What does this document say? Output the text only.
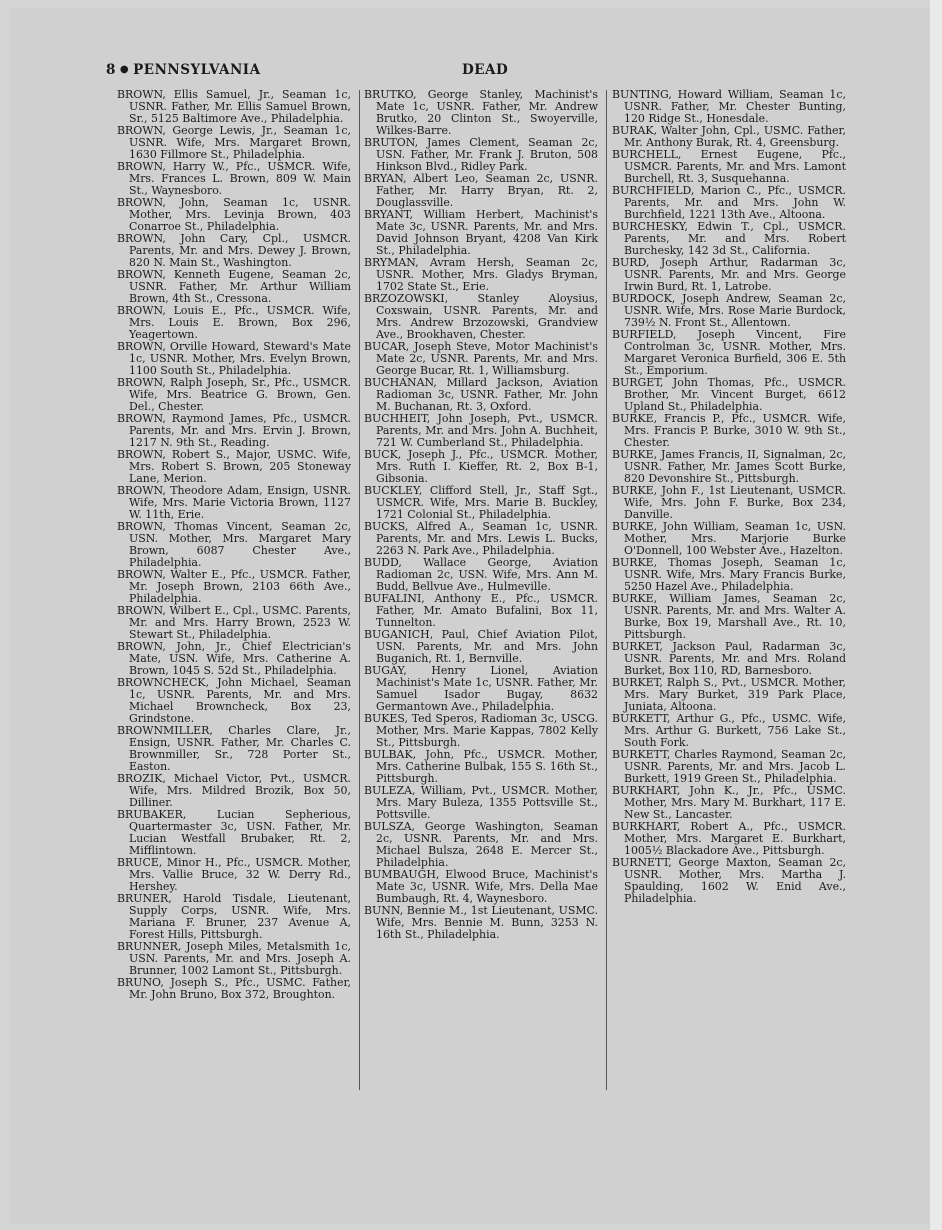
8 ● PENNSYLVANIA	DEAD
BROWN, Ellis Samuel, Jr., Seaman 1c, USNR. Father, Mr. Ellis Samuel Brown, Sr., 5125 Baltimore Ave., Philadelphia.
BROWN, George Lewis, Jr., Seaman 1c, USNR. Wife, Mrs. Margaret Brown, 1630 Fillmore St., Philadelphia.
BROWN, Harry W., Pfc., USMCR. Wife, Mrs. Frances L. Brown, 809 W. Main St., Waynesboro.
BROWN, John, Seaman 1c, USNR. Mother, Mrs. Levinja Brown, 403 Conarroe St., Philadelphia.
BROWN, John Cary, Cpl., USMCR. Parents, Mr. and Mrs. Dewey J. Brown, 820 N. Main St., Washington.
BROWN, Kenneth Eugene, Seaman 2c, USNR. Father, Mr. Arthur William Brown, 4th St., Cressona.
BROWN, Louis E., Pfc., USMCR. Wife, Mrs. Louis E. Brown, Box 296, Yeagertown.
BROWN, Orville Howard, Steward's Mate 1c, USNR. Mother, Mrs. Evelyn Brown, 1100 South St., Philadelphia.
BROWN, Ralph Joseph, Sr., Pfc., USMCR. Wife, Mrs. Beatrice G. Brown, Gen. Del., Chester.
BROWN, Raymond James, Pfc., USMCR. Parents, Mr. and Mrs. Ervin J. Brown, 1217 N. 9th St., Reading.
BROWN, Robert S., Major, USMC. Wife, Mrs. Robert S. Brown, 205 Stoneway Lane, Merion.
BROWN, Theodore Adam, Ensign, USNR. Wife, Mrs. Marie Victoria Brown, 1127 W. 11th, Erie.
BROWN, Thomas Vincent, Seaman 2c, USN. Mother, Mrs. Margaret Mary Brown, 6087 Chester Ave., Philadelphia.
BROWN, Walter E., Pfc., USMCR. Father, Mr. Joseph Brown, 2103 66th Ave., Philadelphia.
BROWN, Wilbert E., Cpl., USMC. Parents, Mr. and Mrs. Harry Brown, 2523 W. Stewart St., Philadelphia.
BROWN, John, Jr., Chief Electrician's Mate, USN. Wife, Mrs. Catherine A. Brown, 1045 S. 52d St., Philadelphia.
BROWNCHECK, John Michael, Seaman 1c, USNR. Parents, Mr. and Mrs. Michael Browncheck, Box 23, Grindstone.
BROWNMILLER, Charles Clare, Jr., Ensign, USNR. Father, Mr. Charles C. Brownmiller, Sr., 728 Porter St., Easton.
BROZIK, Michael Victor, Pvt., USMCR. Wife, Mrs. Mildred Brozik, Box 50, Dilliner.
BRUBAKER, Lucian Sepherious, Quartermaster 3c, USN. Father, Mr. Lucian Westfall Brubaker, Rt. 2, Mifflintown.
BRUCE, Minor H., Pfc., USMCR. Mother, Mrs. Vallie Bruce, 32 W. Derry Rd., Hershey.
BRUNER, Harold Tisdale, Lieutenant, Supply Corps, USNR. Wife, Mrs. Mariana F. Bruner, 237 Avenue A, Forest Hills, Pittsburgh.
BRUNNER, Joseph Miles, Metalsmith 1c, USN. Parents, Mr. and Mrs. Joseph A. Brunner, 1002 Lamont St., Pittsburgh.
BRUNO, Joseph S., Pfc., USMC. Father, Mr. John Bruno, Box 372, Broughton.
BRUTKO, George Stanley, Machinist's Mate 1c, USNR. Father, Mr. Andrew Brutko, 20 Clinton St., Swoyerville, Wilkes-Barre.
BRUTON, James Clement, Seaman 2c, USN. Father, Mr. Frank J. Bruton, 508 Hinkson Blvd., Ridley Park.
BRYAN, Albert Leo, Seaman 2c, USNR. Father, Mr. Harry Bryan, Rt. 2, Douglassville.
BRYANT, William Herbert, Machinist's Mate 3c, USNR. Parents, Mr. and Mrs. David Johnson Bryant, 4208 Van Kirk St., Philadelphia.
BRYMAN, Avram Hersh, Seaman 2c, USNR. Mother, Mrs. Gladys Bryman, 1702 State St., Erie.
BRZOZOWSKI, Stanley Aloysius, Coxswain, USNR. Parents, Mr. and Mrs. Andrew Brzozowski, Grandview Ave., Brookhaven, Chester.
BUCAR, Joseph Steve, Motor Machinist's Mate 2c, USNR. Parents, Mr. and Mrs. George Bucar, Rt. 1, Williamsburg.
BUCHANAN, Millard Jackson, Aviation Radioman 3c, USNR. Father, Mr. John M. Buchanan, Rt. 3, Oxford.
BUCHHEIT, John Joseph, Pvt., USMCR. Parents, Mr. and Mrs. John A. Buchheit, 721 W. Cumberland St., Philadelphia.
BUCK, Joseph J., Pfc., USMCR. Mother, Mrs. Ruth I. Kieffer, Rt. 2, Box B-1, Gibsonia.
BUCKLEY, Clifford Stell, Jr., Staff Sgt., USMCR. Wife, Mrs. Marie B. Buckley, 1721 Colonial St., Philadelphia.
BUCKS, Alfred A., Seaman 1c, USNR. Parents, Mr. and Mrs. Lewis L. Bucks, 2263 N. Park Ave., Philadelphia.
BUDD, Wallace George, Aviation Radioman 2c, USN. Wife, Mrs. Ann M. Budd, Bellvue Ave., Hulmeville.
BUFALINI, Anthony E., Pfc., USMCR. Father, Mr. Amato Bufalini, Box 11, Tunnelton.
BUGANICH, Paul, Chief Aviation Pilot, USN. Parents, Mr. and Mrs. John Buganich, Rt. 1, Bernville.
BUGAY, Henry Lionel, Aviation Machinist's Mate 1c, USNR. Father, Mr. Samuel Isador Bugay, 8632 Germantown Ave., Philadelphia.
BUKES, Ted Speros, Radioman 3c, USCG. Mother, Mrs. Marie Kappas, 7802 Kelly St., Pittsburgh.
BULBAK, John, Pfc., USMCR. Mother, Mrs. Catherine Bulbak, 155 S. 16th St., Pittsburgh.
BULEZA, William, Pvt., USMCR. Mother, Mrs. Mary Buleza, 1355 Pottsville St., Pottsville.
BULSZA, George Washington, Seaman 2c, USNR. Parents, Mr. and Mrs. Michael Bulsza, 2648 E. Mercer St., Philadelphia.
BUMBAUGH, Elwood Bruce, Machinist's Mate 3c, USNR. Wife, Mrs. Della Mae Bumbaugh, Rt. 4, Waynesboro.
BUNN, Bennie M., 1st Lieutenant, USMC. Wife, Mrs. Bennie M. Bunn, 3253 N. 16th St., Philadelphia.
BUNTING, Howard William, Seaman 1c, USNR. Father, Mr. Chester Bunting, 120 Ridge St., Honesdale.
BURAK, Walter John, Cpl., USMC. Father, Mr. Anthony Burak, Rt. 4, Greensburg.
BURCHELL, Ernest Eugene, Pfc., USMCR. Parents, Mr. and Mrs. Lamont Burchell, Rt. 3, Susquehanna.
BURCHFIELD, Marion C., Pfc., USMCR. Parents, Mr. and Mrs. John W. Burchfield, 1221 13th Ave., Altoona.
BURCHESKY, Edwin T., Cpl., USMCR. Parents, Mr. and Mrs. Robert Burchesky, 142 3d St., California.
BURD, Joseph Arthur, Radarman 3c, USNR. Parents, Mr. and Mrs. George Irwin Burd, Rt. 1, Latrobe.
BURDOCK, Joseph Andrew, Seaman 2c, USNR. Wife, Mrs. Rose Marie Burdock, 739½ N. Front St., Allentown.
BURFIELD, Joseph Vincent, Fire Controlman 3c, USNR. Mother, Mrs. Margaret Veronica Burfield, 306 E. 5th St., Emporium.
BURGET, John Thomas, Pfc., USMCR. Brother, Mr. Vincent Burget, 6612 Upland St., Philadelphia.
BURKE, Francis P., Pfc., USMCR. Wife, Mrs. Francis P. Burke, 3010 W. 9th St., Chester.
BURKE, James Francis, II, Signalman, 2c, USNR. Father, Mr. James Scott Burke, 820 Devonshire St., Pittsburgh.
BURKE, John F., 1st Lieutenant, USMCR. Wife, Mrs. John F. Burke, Box 234, Danville.
BURKE, John William, Seaman 1c, USN. Mother, Mrs. Marjorie Burke O'Donnell, 100 Webster Ave., Hazelton.
BURKE, Thomas Joseph, Seaman 1c, USNR. Wife, Mrs. Mary Francis Burke, 5250 Hazel Ave., Philadelphia.
BURKE, William James, Seaman 2c, USNR. Parents, Mr. and Mrs. Walter A. Burke, Box 19, Marshall Ave., Rt. 10, Pittsburgh.
BURKET, Jackson Paul, Radarman 3c, USNR. Parents, Mr. and Mrs. Roland Burket, Box 110, RD, Barnesboro.
BURKET, Ralph S., Pvt., USMCR. Mother, Mrs. Mary Burket, 319 Park Place, Juniata, Altoona.
BURKETT, Arthur G., Pfc., USMC. Wife, Mrs. Arthur G. Burkett, 756 Lake St., South Fork.
BURKETT, Charles Raymond, Seaman 2c, USNR. Parents, Mr. and Mrs. Jacob L. Burkett, 1919 Green St., Philadelphia.
BURKHART, John K., Jr., Pfc., USMC. Mother, Mrs. Mary M. Burkhart, 117 E. New St., Lancaster.
BURKHART, Robert A., Pfc., USMCR. Mother, Mrs. Margaret E. Burkhart, 1005½ Blackadore Ave., Pittsburgh.
BURNETT, George Maxton, Seaman 2c, USNR. Mother, Mrs. Martha J. Spaulding, 1602 W. Enid Ave., Philadelphia.
